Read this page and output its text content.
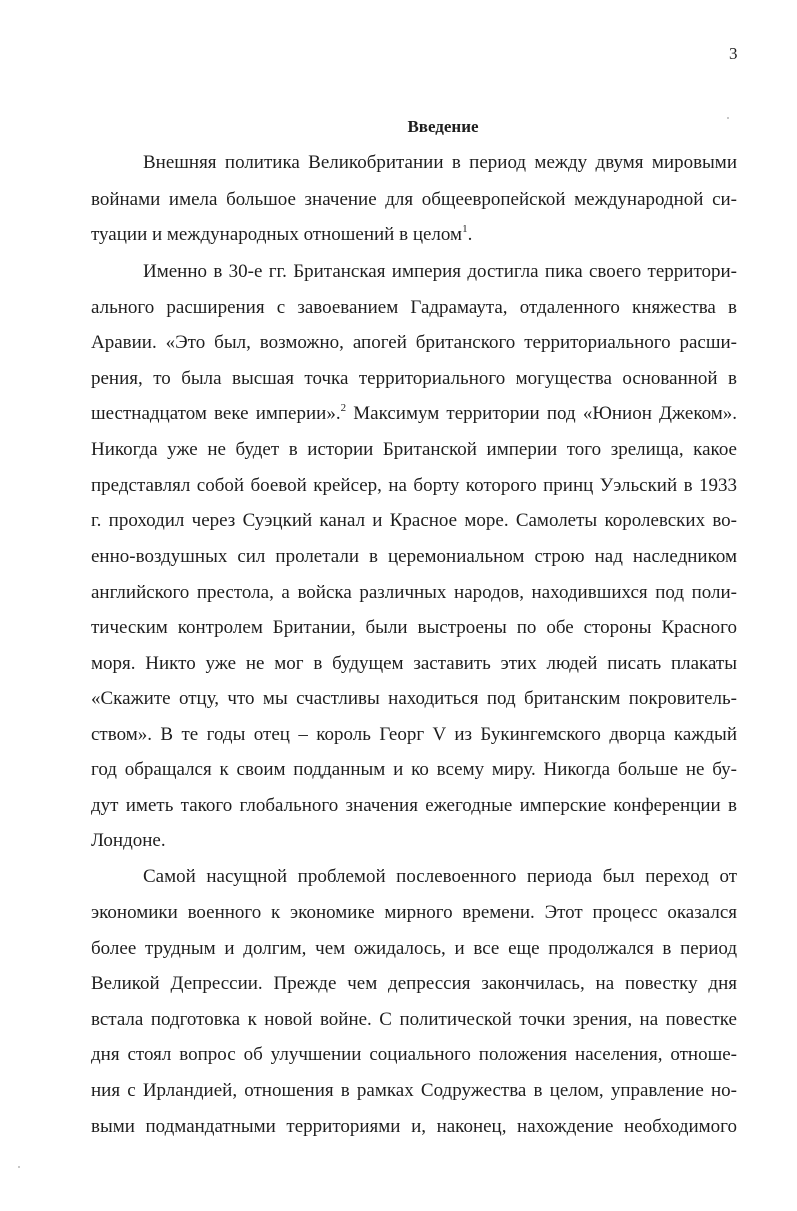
3
Введение
Внешняя политика Великобритании в период между двумя мировыми
войнами имела большое значение для общеевропейской международной си-
туации и международных отношений в целом$^1$.
Именно в 30-е гг. Британская империя достигла пика своего территори-
ального расширения с завоеванием Гадрамаута, отдаленного княжества в
Аравии. «Это был, возможно, апогей британского территориального расши-
рения, то была высшая точка территориального могущества основанной в
шестнадцатом веке империи».$^2$ Максимум территории под «Юнион Джеком».
Никогда уже не будет в истории Британской империи того зрелища, какое
представлял собой боевой крейсер, на борту которого принц Уэльский в 1933
г. проходил через Суэцкий канал и Красное море. Самолеты королевских во-
енно-воздушных сил пролетали в церемониальном строю над наследником
английского престола, а войска различных народов, находившихся под поли-
тическим контролем Британии, были выстроены по обе стороны Красного
моря. Никто уже не мог в будущем заставить этих людей писать плакаты
«Скажите отцу, что мы счастливы находиться под британским покровитель-
ством». В те годы отец – король Георг V из Букингемского дворца каждый
год обращался к своим подданным и ко всему миру. Никогда больше не бу-
дут иметь такого глобального значения ежегодные имперские конференции в
Лондоне.
Самой насущной проблемой послевоенного периода был переход от
экономики военного к экономике мирного времени. Этот процесс оказался
более трудным и долгим, чем ожидалось, и все еще продолжался в период
Великой Депрессии. Прежде чем депрессия закончилась, на повестку дня
встала подготовка к новой войне. С политической точки зрения, на повестке
дня стоял вопрос об улучшении социального положения населения, отноше-
ния с Ирландией, отношения в рамках Содружества в целом, управление но-
выми подмандатными территориями и, наконец, нахождение необходимого
